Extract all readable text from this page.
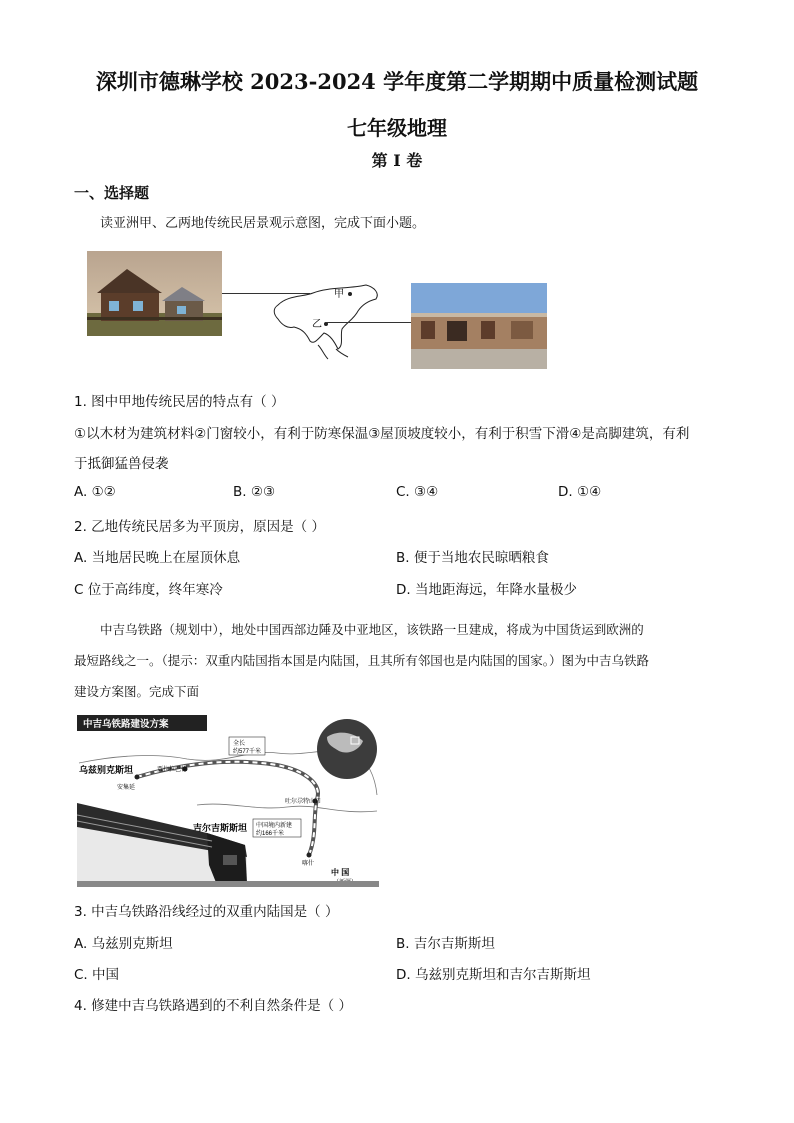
深圳市德琳学校 2023-2024 学年度第二学期期中质量检测试题
七年级地理
第 I 卷
一、选择题
读亚洲甲、乙两地传统民居景观示意图，完成下面小题。
甲
乙
1. 图中甲地传统民居的特点有（ ）
①以木材为建筑材料②门窗较小，有利于防寒保温③屋顶坡度较小，有利于积雪下滑④是高脚建筑，有利
于抵御猛兽侵袭
A. ①②	B. ②③	C. ③④	D. ①④
2. 乙地传统民居多为平顶房，原因是（ ）
A. 当地居民晚上在屋顶休息	B. 便于当地农民晾晒粮食
C 位于高纬度，终年寒冷	D. 当地距海远，年降水量极少
中吉乌铁路（规划中），地处中国西部边陲及中亚地区，该铁路一旦建成，将成为中国货运到欧洲的
最短路线之一。（提示：双重内陆国指本国是内陆国，且其所有邻国也是内陆国的国家。）图为中吉乌铁路
建设方案图。完成下面
中吉乌铁路建设方案
乌兹别克斯坦
吉尔吉斯斯坦
安集延
贾拉拉巴德
吐尔尕特山口
喀什
全长
约577千米
中国境内新建
约166千米
中 国
3. 中吉乌铁路沿线经过的双重内陆国是（ ）
A. 乌兹别克斯坦	B. 吉尔吉斯斯坦
C. 中国	D. 乌兹别克斯坦和吉尔吉斯斯坦
4. 修建中吉乌铁路遇到的不利自然条件是（ ）
